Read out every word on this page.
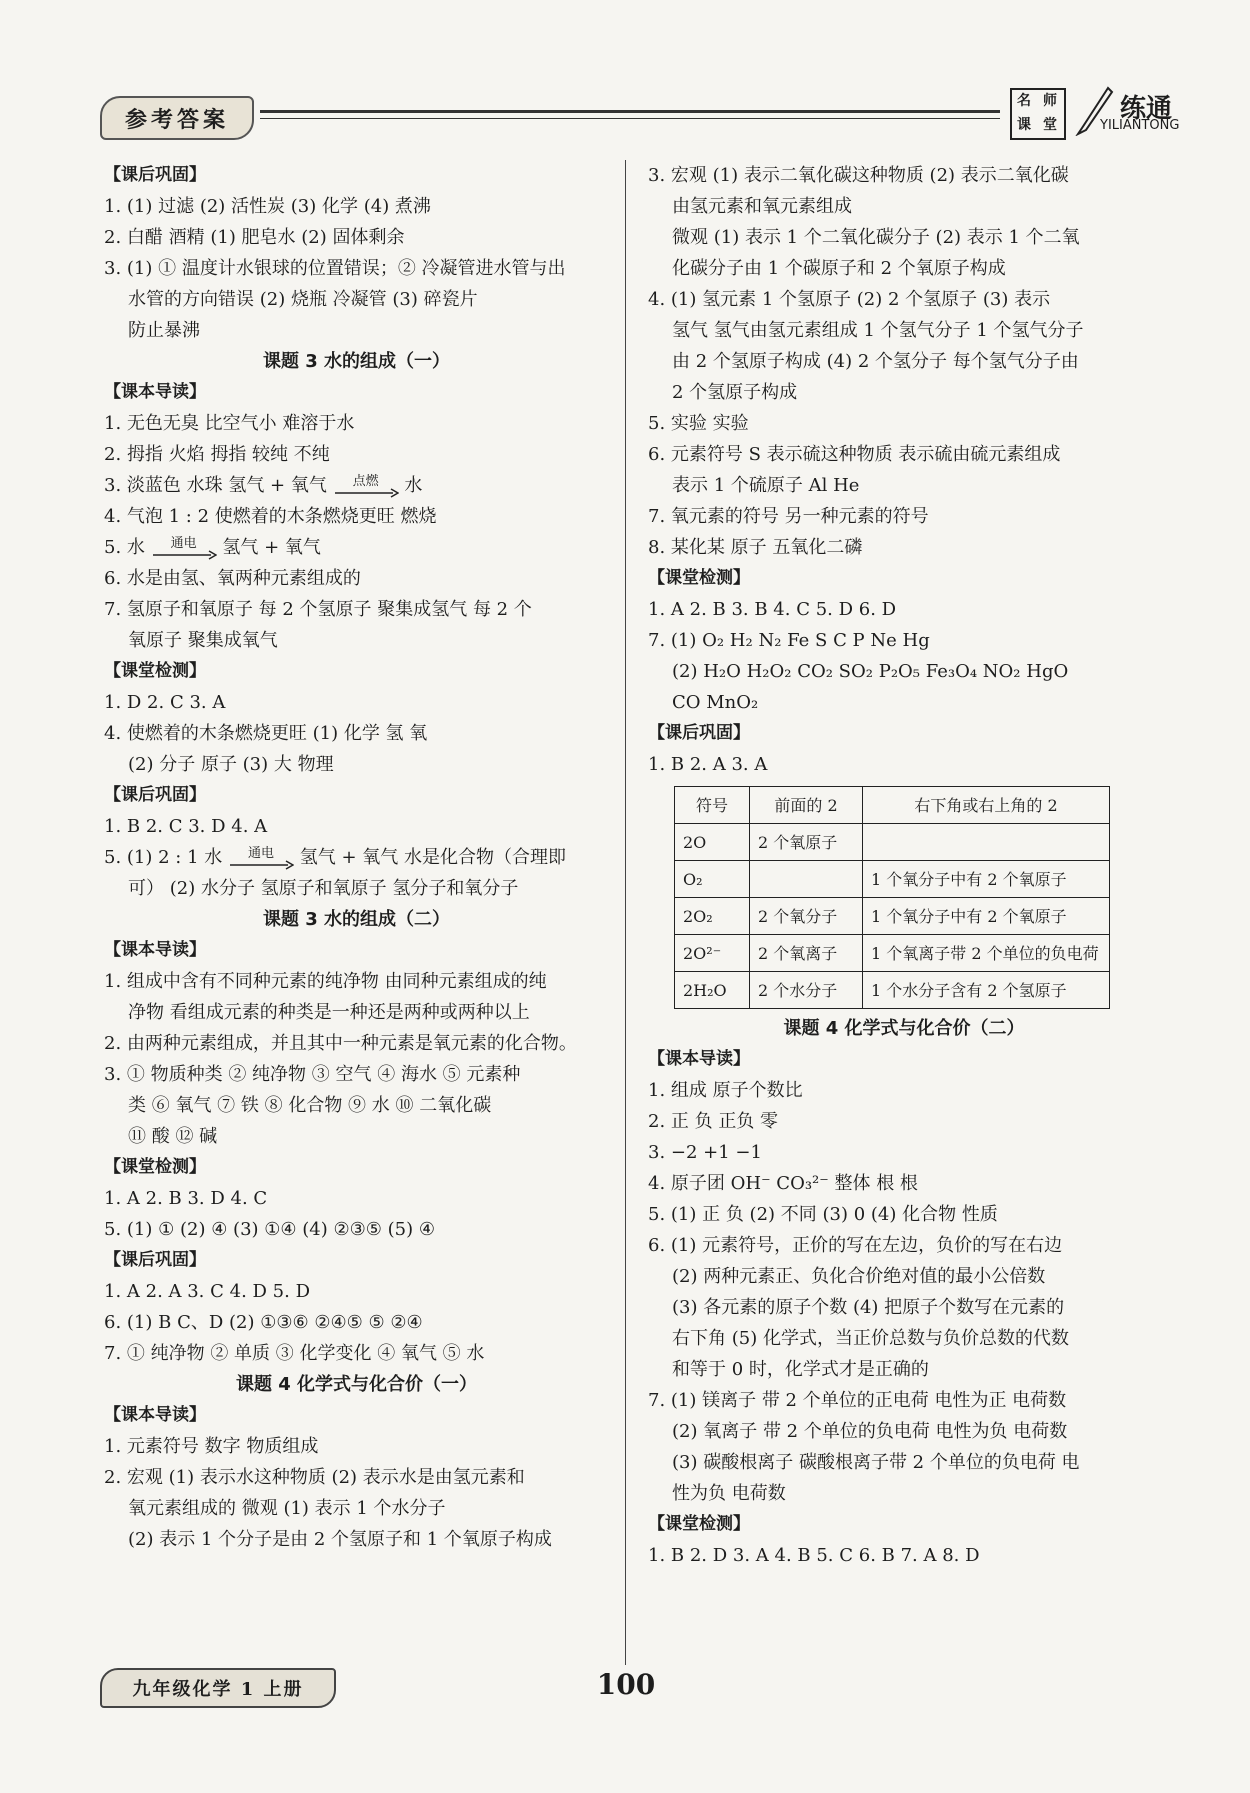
参考答案
名 师
课 堂
练通
YILIANTONG
【课后巩固】
1. (1) 过滤 (2) 活性炭 (3) 化学 (4) 煮沸
2. 白醋 酒精 (1) 肥皂水 (2) 固体剩余
3. (1) ① 温度计水银球的位置错误；② 冷凝管进水管与出
水管的方向错误 (2) 烧瓶 冷凝管 (3) 碎瓷片
防止暴沸
课题 3 水的组成（一）
【课本导读】
1. 无色无臭 比空气小 难溶于水
2. 拇指 火焰 拇指 较纯 不纯
3. 淡蓝色 水珠 氢气 + 氧气	点燃	水
4. 气泡 1 : 2 使燃着的木条燃烧更旺 燃烧
5. 水	通电	氢气 + 氧气
6. 水是由氢、氧两种元素组成的
7. 氢原子和氧原子 每 2 个氢原子 聚集成氢气 每 2 个
氧原子 聚集成氧气
【课堂检测】
1. D 2. C 3. A
4. 使燃着的木条燃烧更旺 (1) 化学 氢 氧
(2) 分子 原子 (3) 大 物理
【课后巩固】
1. B 2. C 3. D 4. A
5. (1) 2 : 1 水	通电	氢气 + 氧气 水是化合物（合理即
可） (2) 水分子 氢原子和氧原子 氢分子和氧分子
课题 3 水的组成（二）
【课本导读】
1. 组成中含有不同种元素的纯净物 由同种元素组成的纯
净物 看组成元素的种类是一种还是两种或两种以上
2. 由两种元素组成，并且其中一种元素是氧元素的化合物。
3. ① 物质种类 ② 纯净物 ③ 空气 ④ 海水 ⑤ 元素种
类 ⑥ 氧气 ⑦ 铁 ⑧ 化合物 ⑨ 水 ⑩ 二氧化碳
⑪ 酸 ⑫ 碱
【课堂检测】
1. A 2. B 3. D 4. C
5. (1) ① (2) ④ (3) ①④ (4) ②③⑤ (5) ④
【课后巩固】
1. A 2. A 3. C 4. D 5. D
6. (1) B C、D (2) ①③⑥ ②④⑤ ⑤ ②④
7. ① 纯净物 ② 单质 ③ 化学变化 ④ 氧气 ⑤ 水
课题 4 化学式与化合价（一）
【课本导读】
1. 元素符号 数字 物质组成
2. 宏观 (1) 表示水这种物质 (2) 表示水是由氢元素和
氧元素组成的 微观 (1) 表示 1 个水分子
(2) 表示 1 个分子是由 2 个氢原子和 1 个氧原子构成
3. 宏观 (1) 表示二氧化碳这种物质 (2) 表示二氧化碳
由氢元素和氧元素组成
微观 (1) 表示 1 个二氧化碳分子 (2) 表示 1 个二氧
化碳分子由 1 个碳原子和 2 个氧原子构成
4. (1) 氢元素 1 个氢原子 (2) 2 个氢原子 (3) 表示
氢气 氢气由氢元素组成 1 个氢气分子 1 个氢气分子
由 2 个氢原子构成 (4) 2 个氢分子 每个氢气分子由
2 个氢原子构成
5. 实验 实验
6. 元素符号 S 表示硫这种物质 表示硫由硫元素组成
表示 1 个硫原子 Al He
7. 氧元素的符号 另一种元素的符号
8. 某化某 原子 五氧化二磷
【课堂检测】
1. A 2. B 3. B 4. C 5. D 6. D
7. (1) O₂ H₂ N₂ Fe S C P Ne Hg
(2) H₂O H₂O₂ CO₂ SO₂ P₂O₅ Fe₃O₄ NO₂ HgO
CO MnO₂
【课后巩固】
1. B 2. A 3. A
符号	前面的 2	右下角或右上角的 2
2O	2 个氧原子	
O₂		1 个氧分子中有 2 个氧原子
2O₂	2 个氧分子	1 个氧分子中有 2 个氧原子
2O²⁻	2 个氧离子	1 个氧离子带 2 个单位的负电荷
2H₂O	2 个水分子	1 个水分子含有 2 个氢原子
课题 4 化学式与化合价（二）
【课本导读】
1. 组成 原子个数比
2. 正 负 正负 零
3. −2 +1 −1
4. 原子团 OH⁻ CO₃²⁻ 整体 根 根
5. (1) 正 负 (2) 不同 (3) 0 (4) 化合物 性质
6. (1) 元素符号，正价的写在左边，负价的写在右边
(2) 两种元素正、负化合价绝对值的最小公倍数
(3) 各元素的原子个数 (4) 把原子个数写在元素的
右下角 (5) 化学式，当正价总数与负价总数的代数
和等于 0 时，化学式才是正确的
7. (1) 镁离子 带 2 个单位的正电荷 电性为正 电荷数
(2) 氧离子 带 2 个单位的负电荷 电性为负 电荷数
(3) 碳酸根离子 碳酸根离子带 2 个单位的负电荷 电
性为负 电荷数
【课堂检测】
1. B 2. D 3. A 4. B 5. C 6. B 7. A 8. D
九年级化学 1 上册	100
